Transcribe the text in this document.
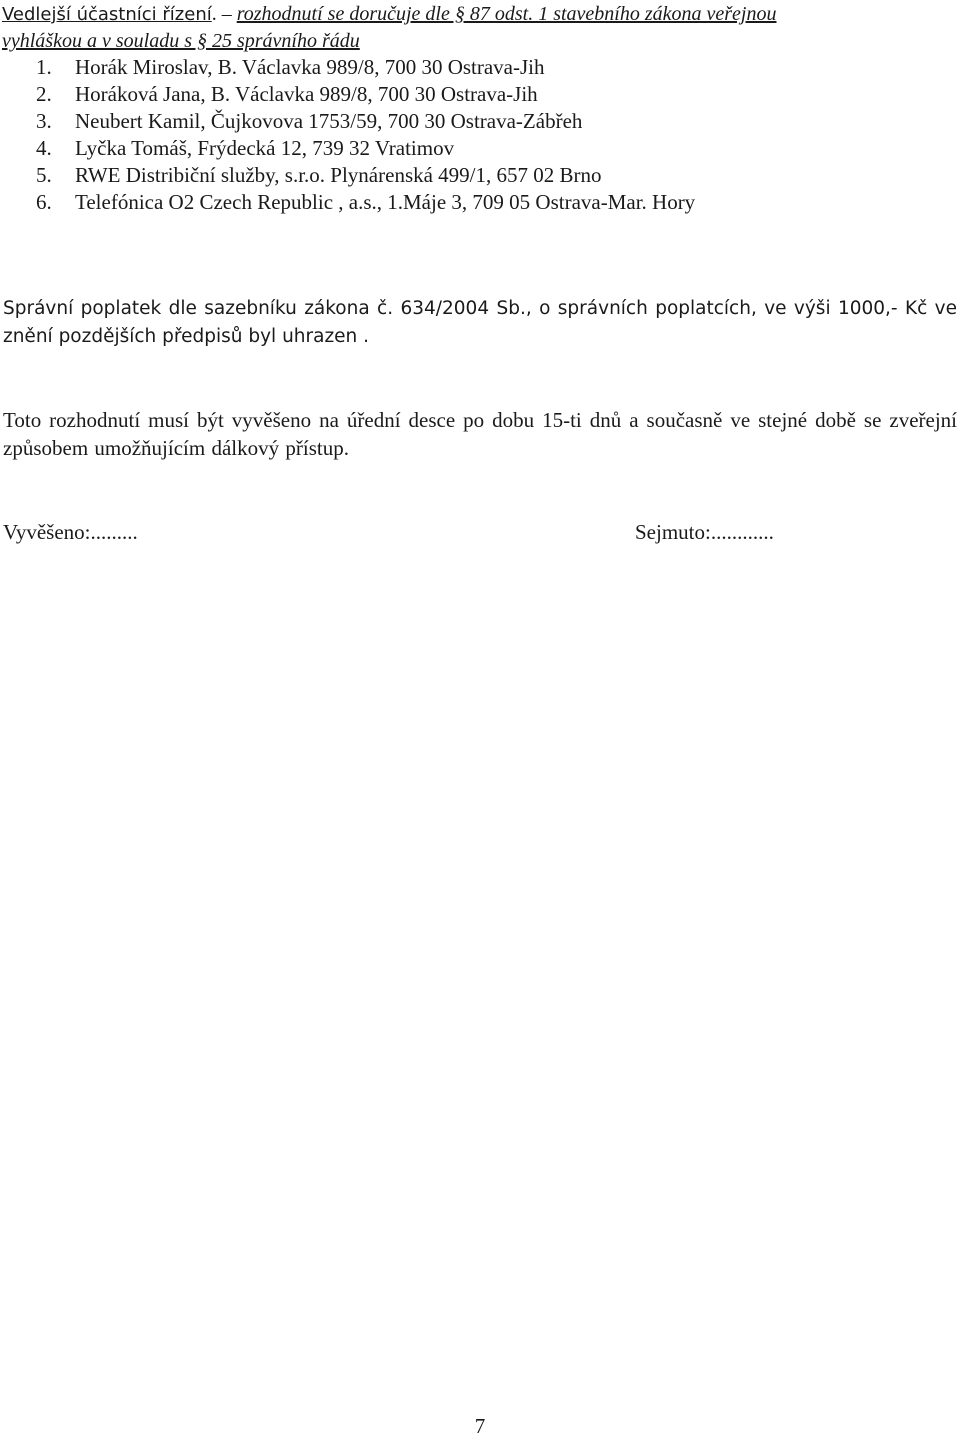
Vedlejší účastníci řízení. – rozhodnutí se doručuje dle § 87 odst. 1 stavebního zákona veřejnou
vyhláškou a v souladu s § 25 správního řádu
1. Horák Miroslav, B. Václavka 989/8, 700 30 Ostrava-Jih
2. Horáková Jana, B. Václavka 989/8, 700 30 Ostrava-Jih
3. Neubert Kamil, Čujkovova 1753/59, 700 30 Ostrava-Zábřeh
4. Lyčka Tomáš, Frýdecká 12, 739 32 Vratimov
5. RWE Distribiční služby, s.r.o. Plynárenská 499/1, 657 02 Brno
6. Telefónica O2 Czech Republic , a.s., 1.Máje 3, 709 05 Ostrava-Mar. Hory

Správní poplatek dle sazebníku zákona č. 634/2004 Sb., o správních poplatcích, ve výši 1000,- Kč ve znění pozdějších předpisů byl uhrazen .

Toto rozhodnutí musí být vyvěšeno na úřední desce po dobu 15-ti dnů a současně ve stejné době se zveřejní způsobem umožňujícím dálkový přístup.

Vyvěšeno:.........	Sejmuto:............
7
